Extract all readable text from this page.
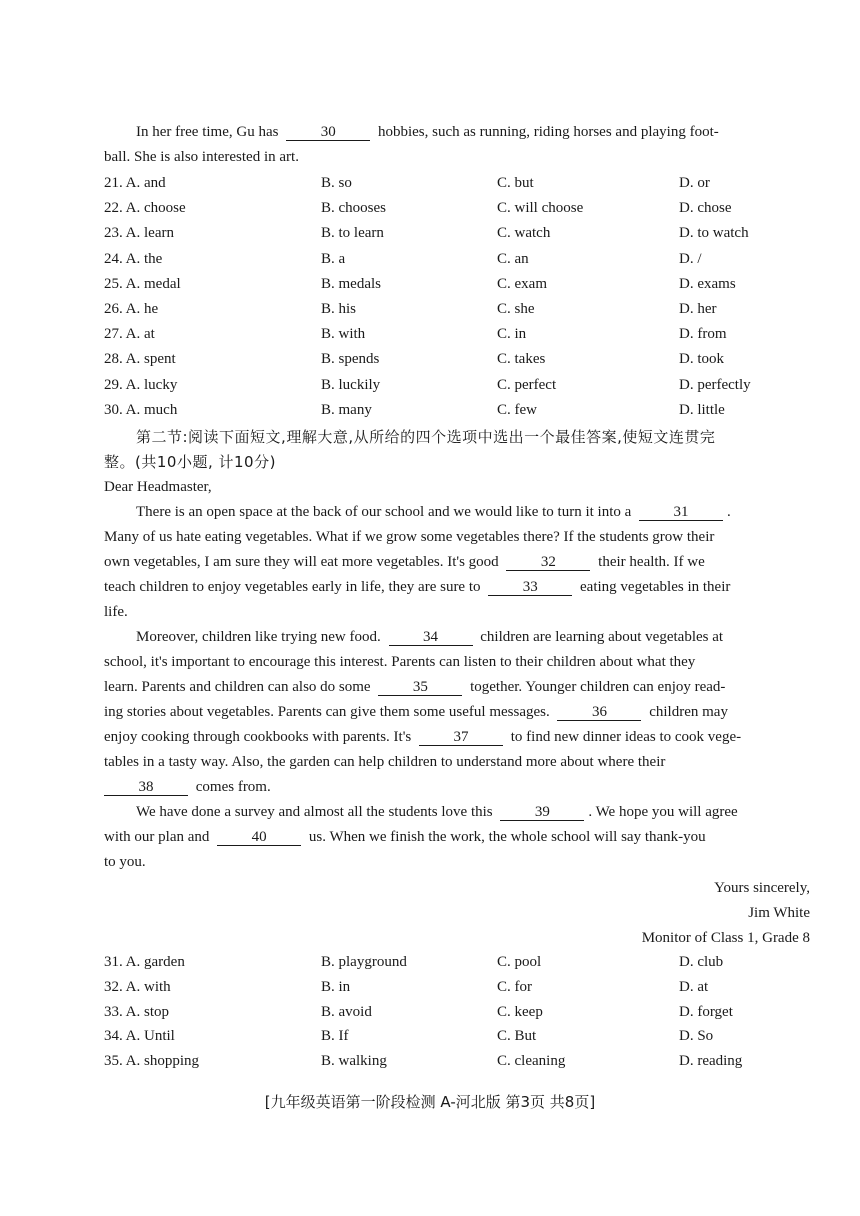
In her free time, Gu has	30	hobbies, such as running, riding horses and playing foot-
ball. She is also interested in art.
21. A. and	B. so	C. but	D. or
22. A. choose	B. chooses	C. will choose	D. chose
23. A. learn	B. to learn	C. watch	D. to watch
24. A. the	B. a	C. an	D. /
25. A. medal	B. medals	C. exam	D. exams
26. A. he	B. his	C. she	D. her
27. A. at	B. with	C. in	D. from
28. A. spent	B. spends	C. takes	D. took
29. A. lucky	B. luckily	C. perfect	D. perfectly
30. A. much	B. many	C. few	D. little
第二节:阅读下面短文,理解大意,从所给的四个选项中选出一个最佳答案,使短文连贯完
整。(共10小题, 计10分)
Dear Headmaster,
There is an open space at the back of our school and we would like to turn it into a	31	.
Many of us hate eating vegetables. What if we grow some vegetables there? If the students grow their
own vegetables, I am sure they will eat more vegetables. It's good	32	their health. If we
teach children to enjoy vegetables early in life, they are sure to	33	eating vegetables in their
life.
Moreover, children like trying new food.	34	children are learning about vegetables at
school, it's important to encourage this interest. Parents can listen to their children about what they
learn. Parents and children can also do some	35	together. Younger children can enjoy read-
ing stories about vegetables. Parents can give them some useful messages.	36	children may
enjoy cooking through cookbooks with parents. It's	37	to find new dinner ideas to cook vege-
tables in a tasty way. Also, the garden can help children to understand more about where their
38	comes from.
We have done a survey and almost all the students love this	39	. We hope you will agree
with our plan and	40	us. When we finish the work, the whole school will say thank-you
to you.
Yours sincerely,
Jim White
Monitor of Class 1, Grade 8
31. A. garden	B. playground	C. pool	D. club
32. A. with	B. in	C. for	D. at
33. A. stop	B. avoid	C. keep	D. forget
34. A. Until	B. If	C. But	D. So
35. A. shopping	B. walking	C. cleaning	D. reading
[九年级英语第一阶段检测 A-河北版 第3页 共8页]
